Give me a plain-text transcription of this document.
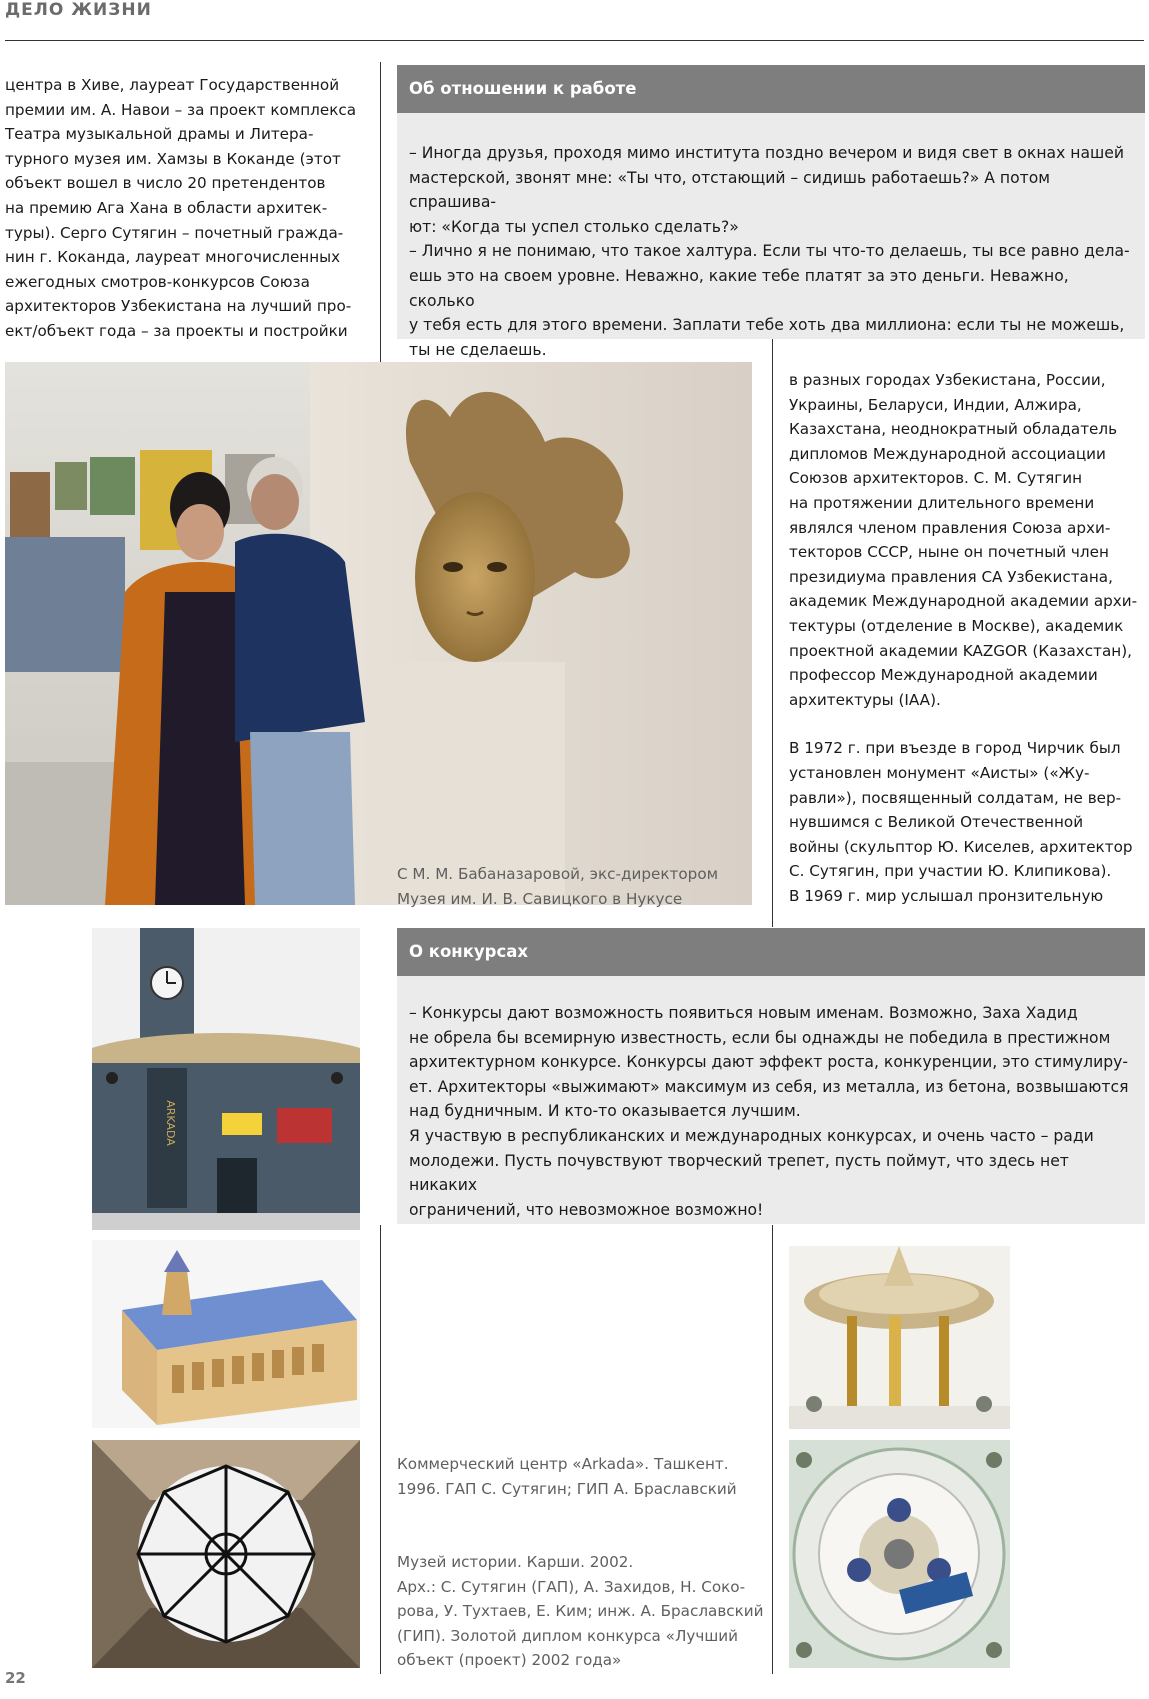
ДЕЛО ЖИЗНИ

центра в Хиве, лауреат Государственной
премии им. А. Навои – за проект комплекса
Театра музыкальной драмы и Литера-
турного музея им. Хамзы в Коканде (этот
объект вошел в число 20 претендентов
на премию Ага Хана в области архитек-
туры). Серго Сутягин – почетный гражда-
нин г. Коканда, лауреат многочисленных
ежегодных смотров-конкурсов Союза
архитекторов Узбекистана на лучший про-
ект/объект года – за проекты и постройки

Об отношении к работе

– Иногда друзья, проходя мимо института поздно вечером и видя свет в окнах нашей
мастерской, звонят мне: «Ты что, отстающий – сидишь работаешь?» А потом спрашива-
ют: «Когда ты успел столько сделать?»
– Лично я не понимаю, что такое халтура. Если ты что-то делаешь, ты все равно дела-
ешь это на своем уровне. Неважно, какие тебе платят за это деньги. Неважно, сколько
у тебя есть для этого времени. Заплати тебе хоть два миллиона: если ты не можешь,
ты не сделаешь.

в разных городах Узбекистана, России,
Украины, Беларуси, Индии, Алжира,
Казахстана, неоднократный обладатель
дипломов Международной ассоциации
Союзов архитекторов. С. М. Сутягин
на протяжении длительного времени
являлся членом правления Союза архи-
текторов СССР, ныне он почетный член
президиума правления СА Узбекистана,
академик Международной академии архи-
тектуры (отделение в Москве), академик
проектной академии KAZGOR (Казахстан),
профессор Международной академии
архитектуры (IAA).

В 1972 г. при въезде в город Чирчик был
установлен монумент «Аисты» («Жу-
равли»), посвященный солдатам, не вер-
нувшимся с Великой Отечественной
войны (скульптор Ю. Киселев, архитектор
С. Сутягин, при участии Ю. Клипикова).
В 1969 г. мир услышал пронзительную

С М. М. Бабаназаровой, экс-директором
Музея им. И. В. Савицкого в Нукусе
О конкурсах

– Конкурсы дают возможность появиться новым именам. Возможно, Заха Хадид
не обрела бы всемирную известность, если бы однажды не победила в престижном
архитектурном конкурсе. Конкурсы дают эффект роста, конкуренции, это стимулиру-
ет. Архитекторы «выжимают» максимум из себя, из металла, из бетона, возвышаются
над будничным. И кто-то оказывается лучшим.
Я участвую в республиканских и международных конкурсах, и очень часто – ради
молодежи. Пусть почувствуют творческий трепет, пусть поймут, что здесь нет никаких
ограничений, что невозможное возможно!

ARKADA
Коммерческий центр «Arkada». Ташкент.
1996. ГАП С. Сутягин; ГИП А. Браславский
Музей истории. Карши. 2002.
Арх.: С. Сутягин (ГАП), А. Захидов, Н. Соко-
рова, У. Тухтаев, Е. Ким; инж. А. Браславский
(ГИП). Золотой диплом конкурса «Лучший
объект (проект) 2002 года»
22
